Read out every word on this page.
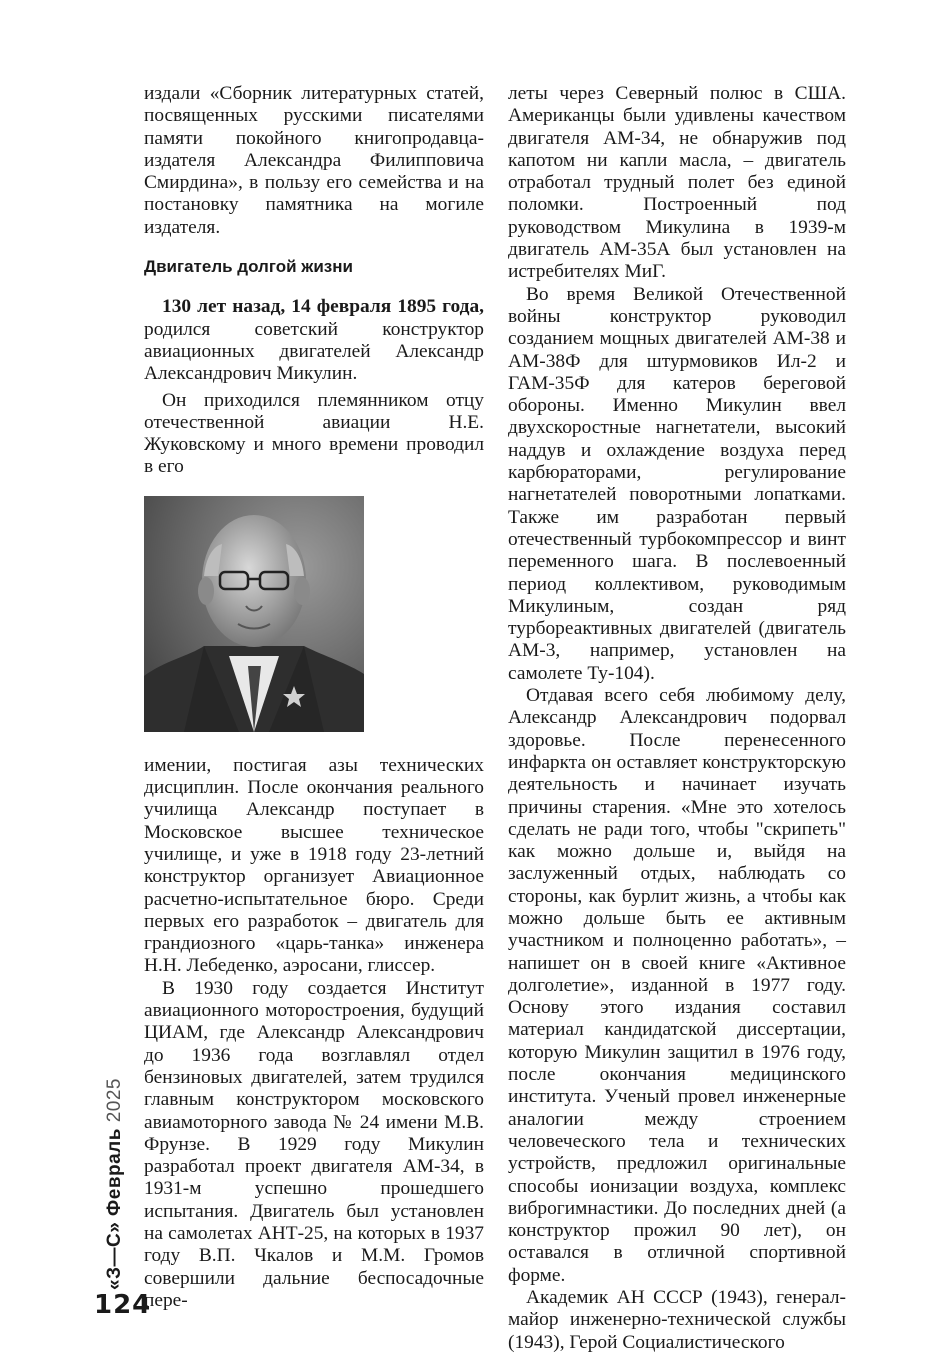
издали «Сборник литературных статей, посвященных русскими писателями памяти покойного книгопродавца-издателя Александра Филипповича Смирдина», в пользу его семейства и на постановку памятника на могиле издателя.

Двигатель долгой жизни

130 лет назад, 14 февраля 1895 года, родился советский конструктор авиационных двигателей Александр Александрович Микулин.

Он приходился племянником отцу отечественной авиации Н.Е. Жуковскому и много времени проводил в его

имении, постигая азы технических дисциплин. После окончания реального училища Александр поступает в Московское высшее техническое училище, и уже в 1918 году 23-летний конструктор организует Авиационное расчетно-испытательное бюро. Среди первых его разработок – двигатель для грандиозного «царь-танка» инженера Н.Н. Лебеденко, аэросани, глиссер.

В 1930 году создается Институт авиационного моторостроения, будущий ЦИАМ, где Александр Александрович до 1936 года возглавлял отдел бензиновых двигателей, затем трудился главным конструктором московского авиамоторного завода № 24 имени М.В. Фрунзе. В 1929 году Микулин разработал проект двигателя АМ-34, в 1931-м успешно прошедшего испытания. Двигатель был установлен на самолетах АНТ-25, на которых в 1937 году В.П. Чкалов и М.М. Громов совершили дальние беспосадочные пере-

леты через Северный полюс в США. Американцы были удивлены качеством двигателя АМ-34, не обнаружив под капотом ни капли масла, – двигатель отработал трудный полет без единой поломки. Построенный под руководством Микулина в 1939-м двигатель АМ-35А был установлен на истребителях МиГ.

Во время Великой Отечественной войны конструктор руководил созданием мощных двигателей АМ-38 и АМ-38Ф для штурмовиков Ил-2 и ГАМ-35Ф для катеров береговой обороны. Именно Микулин ввел двухскоростные нагнетатели, высокий наддув и охлаждение воздуха перед карбюраторами, регулирование нагнетателей поворотными лопатками. Также им разработан первый отечественный турбокомпрессор и винт переменного шага. В послевоенный период коллективом, руководимым Микулиным, создан ряд турбореактивных двигателей (двигатель АМ-3, например, установлен на самолете Ту-104).

Отдавая всего себя любимому делу, Александр Александрович подорвал здоровье. После перенесенного инфаркта он оставляет конструкторскую деятельность и начинает изучать причины старения. «Мне это хотелось сделать не ради того, чтобы "скрипеть" как можно дольше и, выйдя на заслуженный отдых, наблюдать со стороны, как бурлит жизнь, а чтобы как можно дольше быть ее активным участником и полноценно работать», – напишет он в своей книге «Активное долголетие», изданной в 1977 году. Основу этого издания составил материал кандидатской диссертации, которую Микулин защитил в 1976 году, после окончания медицинского института. Ученый провел инженерные аналогии между строением человеческого тела и технических устройств, предложил оригинальные способы ионизации воздуха, комплекс виброгимнастики. До последних дней (а конструктор прожил 90 лет), он оставался в отличной спортивной форме.

Академик АН СССР (1943), генерал-майор инженерно-технической службы (1943), Герой Социалистического

«З—С» Февраль 2025
124
